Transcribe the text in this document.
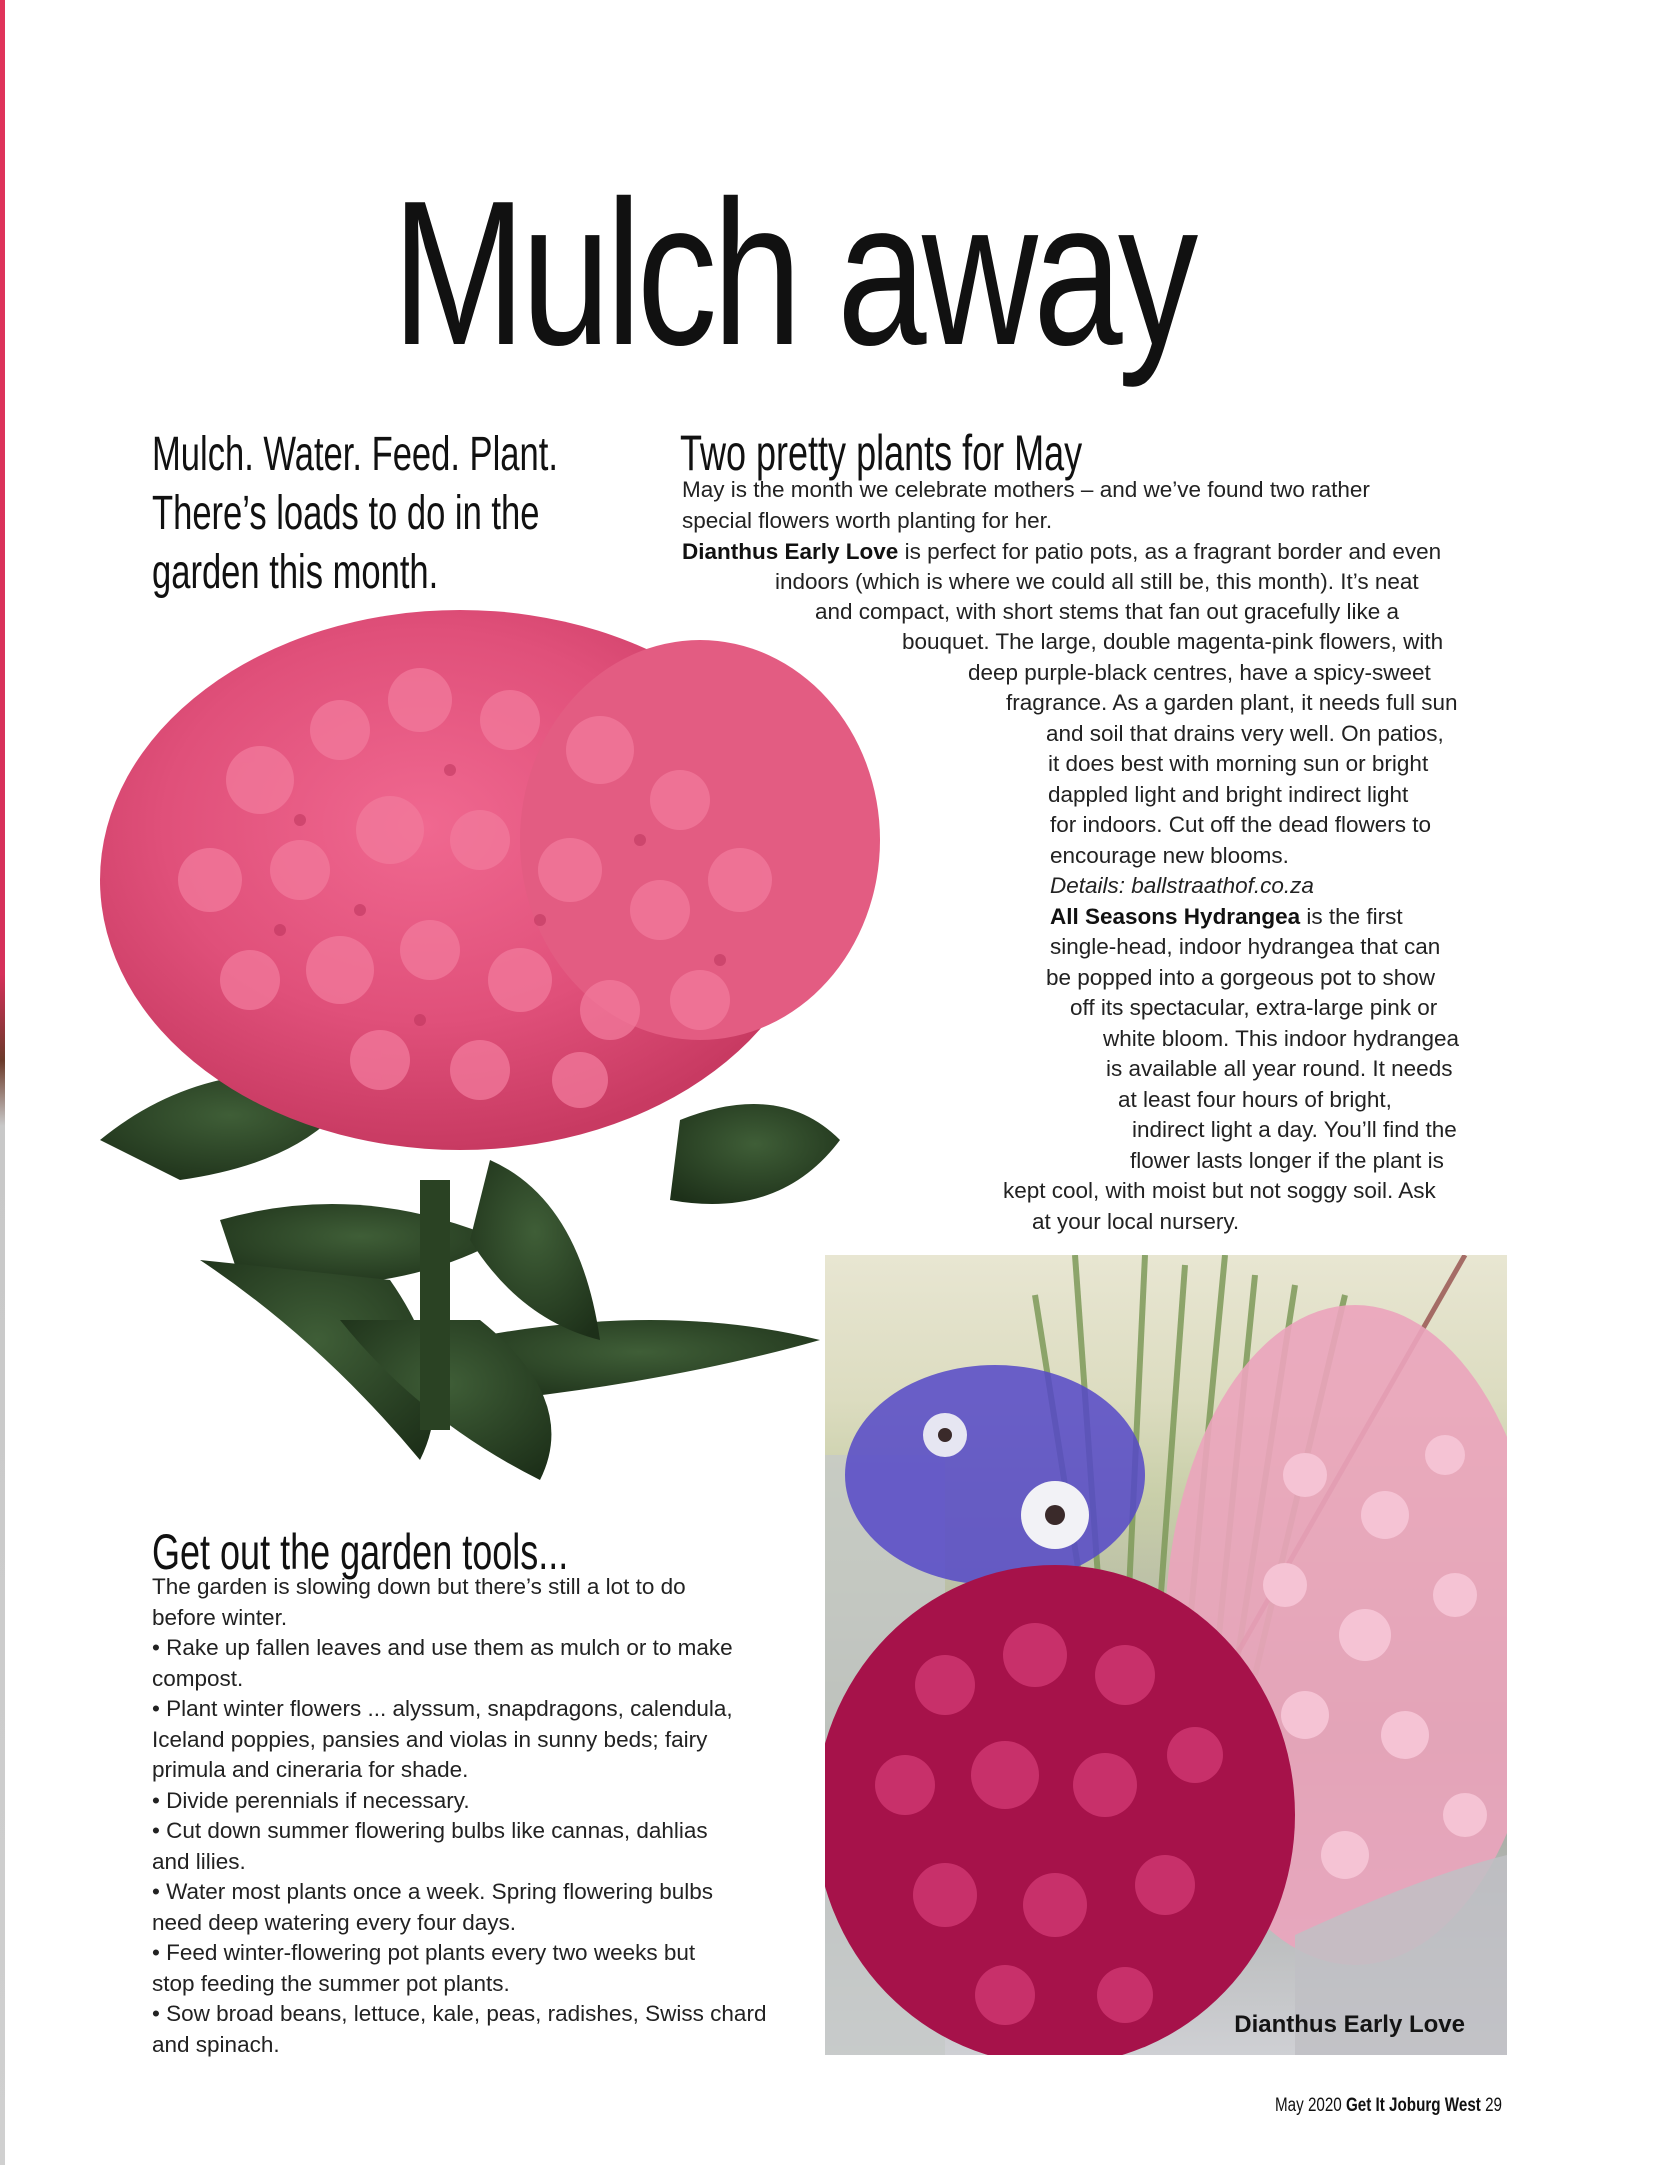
Mulch away
Mulch. Water. Feed. Plant.
There’s loads to do in the
garden this month.
Two pretty plants for May
May is the month we celebrate mothers – and we’ve found two rather
special flowers worth planting for her.
Dianthus Early Love is perfect for patio pots, as a fragrant border and even
indoors (which is where we could all still be, this month). It’s neat
and compact, with short stems that fan out gracefully like a
bouquet. The large, double magenta-pink flowers, with
deep purple-black centres, have a spicy-sweet
fragrance. As a garden plant, it needs full sun
and soil that drains very well. On patios,
it does best with morning sun or bright
dappled light and bright indirect light
for indoors. Cut off the dead flowers to
encourage new blooms.
Details: ballstraathof.co.za
All Seasons Hydrangea is the first
single-head, indoor hydrangea that can
be popped into a gorgeous pot to show
off its spectacular, extra-large pink or
white bloom. This indoor hydrangea
is available all year round. It needs
at least four hours of bright,
indirect light a day. You’ll find the
flower lasts longer if the plant is
kept cool, with moist but not soggy soil. Ask
at your local nursery.
Dianthus Early Love
Get out the garden tools...
The garden is slowing down but there’s still a lot to do
before winter.
• Rake up fallen leaves and use them as mulch or to make
compost.
• Plant winter flowers ... alyssum, snapdragons, calendula,
Iceland poppies, pansies and violas in sunny beds; fairy
primula and cineraria for shade.
• Divide perennials if necessary.
• Cut down summer flowering bulbs like cannas, dahlias
and lilies.
• Water most plants once a week. Spring flowering bulbs
need deep watering every four days.
• Feed winter-flowering pot plants every two weeks but
stop feeding the summer pot plants.
• Sow broad beans, lettuce, kale, peas, radishes, Swiss chard
and spinach.
May 2020 Get It Joburg West 29
